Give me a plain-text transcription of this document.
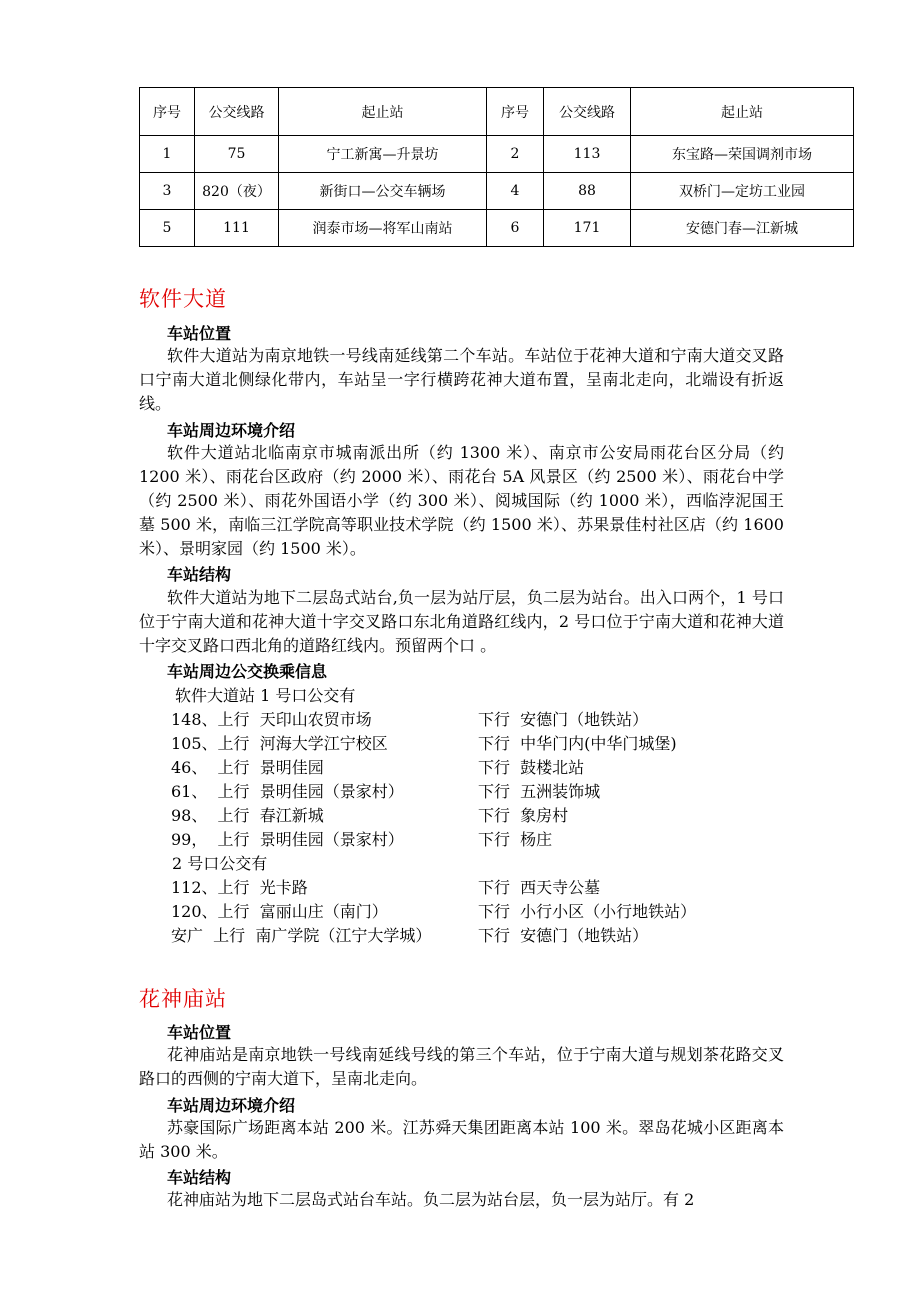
序号	公交线路	起止站	序号	公交线路	起止站
1	75	宁工新寓—升景坊	2	113	东宝路—荣国调剂市场
3	820（夜）	新街口—公交车辆场	4	88	双桥门—定坊工业园
5	111	润泰市场—将军山南站	6	171	安德门春—江新城
软件大道
车站位置
软件大道站为南京地铁一号线南延线第二个车站。车站位于花神大道和宁南大道交叉路口宁南大道北侧绿化带内，车站呈一字行横跨花神大道布置，呈南北走向，北端设有折返线。
车站周边环境介绍
软件大道站北临南京市城南派出所（约 1300 米）、南京市公安局雨花台区分局（约 1200 米）、雨花台区政府（约 2000 米）、雨花台 5A 风景区（约 2500 米）、雨花台中学（约 2500 米）、雨花外国语小学（约 300 米）、阅城国际（约 1000 米），西临浡泥国王墓 500 米，南临三江学院高等职业技术学院（约 1500 米）、苏果景佳村社区店（约 1600 米）、景明家园（约 1500 米）。
车站结构
软件大道站为地下二层岛式站台,负一层为站厅层，负二层为站台。出入口两个，1 号口位于宁南大道和花神大道十字交叉路口东北角道路红线内，2 号口位于宁南大道和花神大道十字交叉路口西北角的道路红线内。预留两个口 。
车站周边公交换乘信息
软件大道站 1 号口公交有
148、上行  天印山农贸市场	下行  安德门（地铁站）
105、上行  河海大学江宁校区	下行  中华门内(中华门城堡)
46、  上行  景明佳园	下行  鼓楼北站
61、  上行  景明佳园（景家村）	下行  五洲装饰城
98、  上行  春江新城	下行  象房村
99，  上行  景明佳园（景家村）	下行  杨庄
2 号口公交有
112、上行  光卡路	下行  西天寺公墓
120、上行  富丽山庄（南门）	下行  小行小区（小行地铁站）
安广  上行  南广学院（江宁大学城）	下行  安德门（地铁站）
花神庙站
车站位置
花神庙站是南京地铁一号线南延线号线的第三个车站，位于宁南大道与规划茶花路交叉路口的西侧的宁南大道下，呈南北走向。
车站周边环境介绍
苏豪国际广场距离本站 200 米。江苏舜天集团距离本站 100 米。翠岛花城小区距离本站 300 米。
车站结构
花神庙站为地下二层岛式站台车站。负二层为站台层，负一层为站厅。有 2
